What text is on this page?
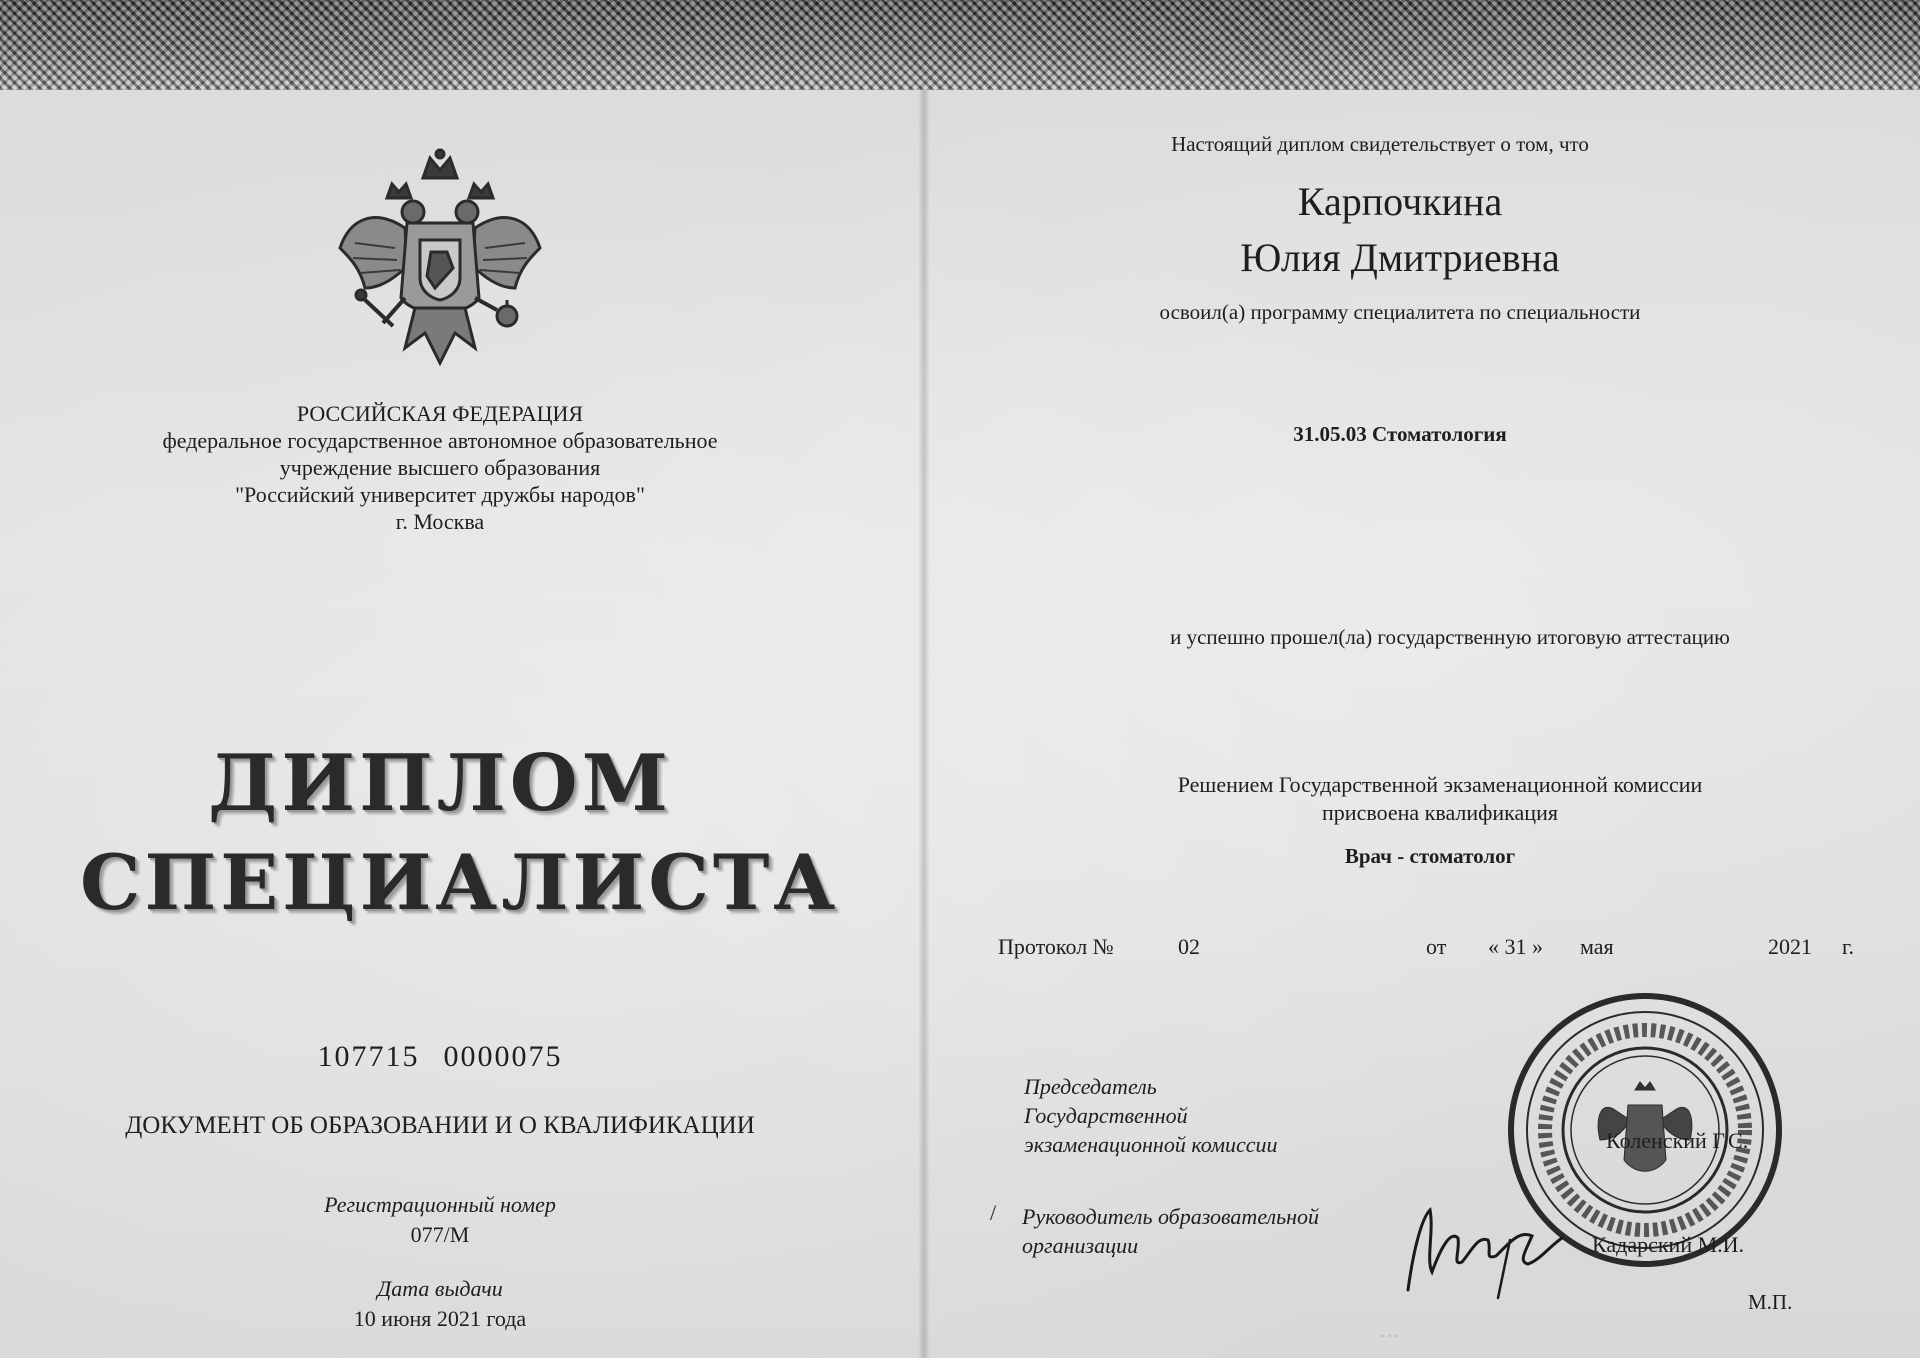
РОССИЙСКАЯ ФЕДЕРАЦИЯ
федеральное государственное автономное образовательное
учреждение высшего образования
"Российский университет дружбы народов"
г. Москва
ДИПЛОМ
СПЕЦИАЛИСТА
107715 0000075
ДОКУМЕНТ ОБ ОБРАЗОВАНИИ И О КВАЛИФИКАЦИИ
Регистрационный номер
077/М
Дата выдачи
10 июня 2021 года
Настоящий диплом свидетельствует о том, что
Карпочкина
Юлия Дмитриевна
освоил(а) программу специалитета по специальности
31.05.03 Стоматология
и успешно прошел(ла) государственную итоговую аттестацию
Решением Государственной экзаменационной комиссии
присвоена квалификация
Врач - стоматолог
Протокол №	02	от « 31 » мая	2021 г.
Председатель
Государственной
экзаменационной комиссии
/ Руководитель образовательной
организации
Коленский Г.С.
Кадарский М.И.
М.П.
...
